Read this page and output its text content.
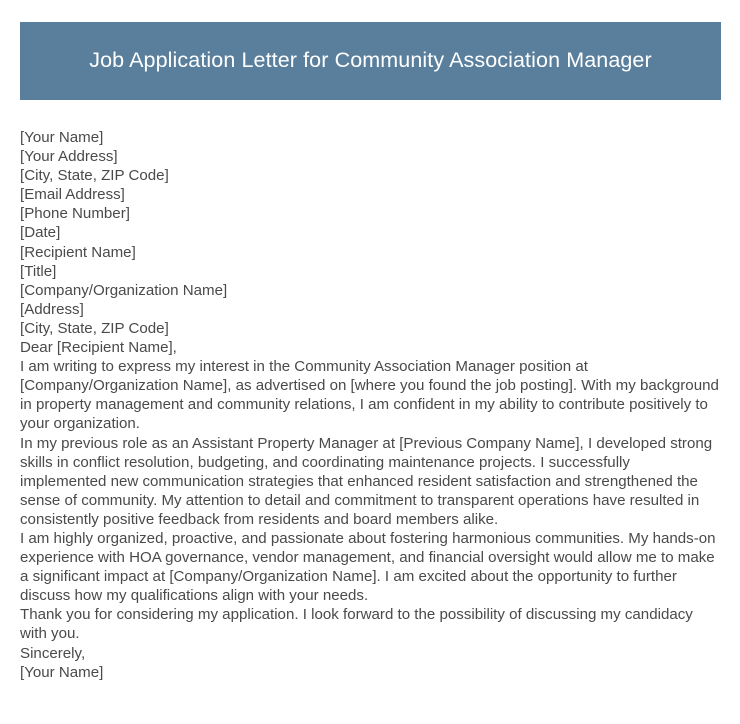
Job Application Letter for Community Association Manager
[Your Name]
[Your Address]
[City, State, ZIP Code]
[Email Address]
[Phone Number]
[Date]
[Recipient Name]
[Title]
[Company/Organization Name]
[Address]
[City, State, ZIP Code]
Dear [Recipient Name],
I am writing to express my interest in the Community Association Manager position at [Company/Organization Name], as advertised on [where you found the job posting]. With my background in property management and community relations, I am confident in my ability to contribute positively to your organization.
In my previous role as an Assistant Property Manager at [Previous Company Name], I developed strong skills in conflict resolution, budgeting, and coordinating maintenance projects. I successfully implemented new communication strategies that enhanced resident satisfaction and strengthened the sense of community. My attention to detail and commitment to transparent operations have resulted in consistently positive feedback from residents and board members alike.
I am highly organized, proactive, and passionate about fostering harmonious communities. My hands-on experience with HOA governance, vendor management, and financial oversight would allow me to make a significant impact at [Company/Organization Name]. I am excited about the opportunity to further discuss how my qualifications align with your needs.
Thank you for considering my application. I look forward to the possibility of discussing my candidacy with you.
Sincerely,
[Your Name]
